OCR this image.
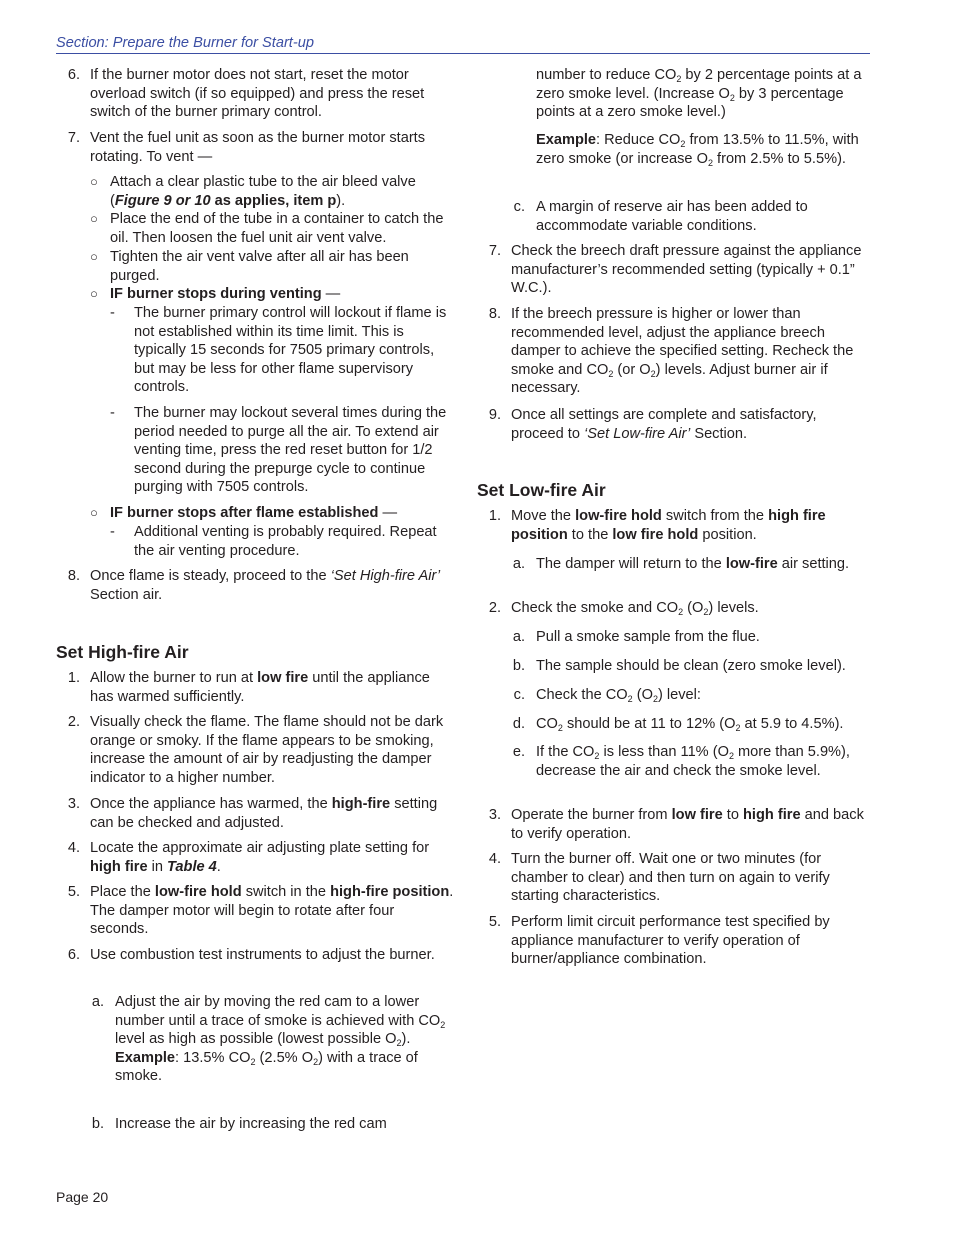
Section: Prepare the Burner for Start-up
6. If the burner motor does not start, reset the motor overload switch (if so equipped) and press the reset switch of the burner primary control.
7. Vent the fuel unit as soon as the burner motor starts rotating. To vent —
○ Attach a clear plastic tube to the air bleed valve (Figure 9 or 10 as applies, item p).
○ Place the end of the tube in a container to catch the oil. Then loosen the fuel unit air vent valve.
○ Tighten the air vent valve after all air has been purged.
○ IF burner stops during venting —
- The burner primary control will lockout if flame is not established within its time limit. This is typically 15 seconds for 7505 primary controls, but may be less for other flame supervisory controls.
- The burner may lockout several times during the period needed to purge all the air. To extend air venting time, press the red reset button for 1/2 second during the prepurge cycle to continue purging with 7505 controls.
○ IF burner stops after flame established —
- Additional venting is probably required. Repeat the air venting procedure.
8. Once flame is steady, proceed to the ‘Set High-fire Air’ Section air.
Set High-fire Air
1. Allow the burner to run at low fire until the appliance has warmed sufficiently.
2. Visually check the flame. The flame should not be dark orange or smoky. If the flame appears to be smoking, increase the amount of air by readjusting the damper indicator to a higher number.
3. Once the appliance has warmed, the high-fire setting can be checked and adjusted.
4. Locate the approximate air adjusting plate setting for high fire in Table 4.
5. Place the low-fire hold switch in the high-fire position. The damper motor will begin to rotate after four seconds.
6. Use combustion test instruments to adjust the burner.
a. Adjust the air by moving the red cam to a lower number until a trace of smoke is achieved with $CO_2$ level as high as possible (lowest possible $O_2$).
Example: 13.5% $CO_2$ (2.5% $O_2$) with a trace of smoke.
b. Increase the air by increasing the red cam
number to reduce $CO_2$ by 2 percentage points at a zero smoke level. (Increase $O_2$ by 3 percentage points at a zero smoke level.)
Example: Reduce $CO_2$ from 13.5% to 11.5%, with zero smoke (or increase $O_2$ from 2.5% to 5.5%).
c. A margin of reserve air has been added to accommodate variable conditions.
7. Check the breech draft pressure against the appliance manufacturer’s recommended setting (typically + 0.1” W.C.).
8. If the breech pressure is higher or lower than recommended level, adjust the appliance breech damper to achieve the specified setting. Recheck the smoke and $CO_2$ (or $O_2$) levels. Adjust burner air if necessary.
9. Once all settings are complete and satisfactory, proceed to ‘Set Low-fire Air’ Section.
Set Low-fire Air
1. Move the low-fire hold switch from the high fire position to the low fire hold position.
a. The damper will return to the low-fire air setting.
2. Check the smoke and $CO_2$ $(O_2)$ levels.
a. Pull a smoke sample from the flue.
b. The sample should be clean (zero smoke level).
c. Check the $CO_2$ $(O_2)$ level:
d. $CO_2$ should be at 11 to 12% ($O_2$ at 5.9 to 4.5%).
e. If the $CO_2$ is less than 11% ($O_2$ more than 5.9%), decrease the air and check the smoke level.
3. Operate the burner from low fire to high fire and back to verify operation.
4. Turn the burner off. Wait one or two minutes (for chamber to clear) and then turn on again to verify starting characteristics.
5. Perform limit circuit performance test specified by appliance manufacturer to verify operation of burner/appliance combination.
Page 20
